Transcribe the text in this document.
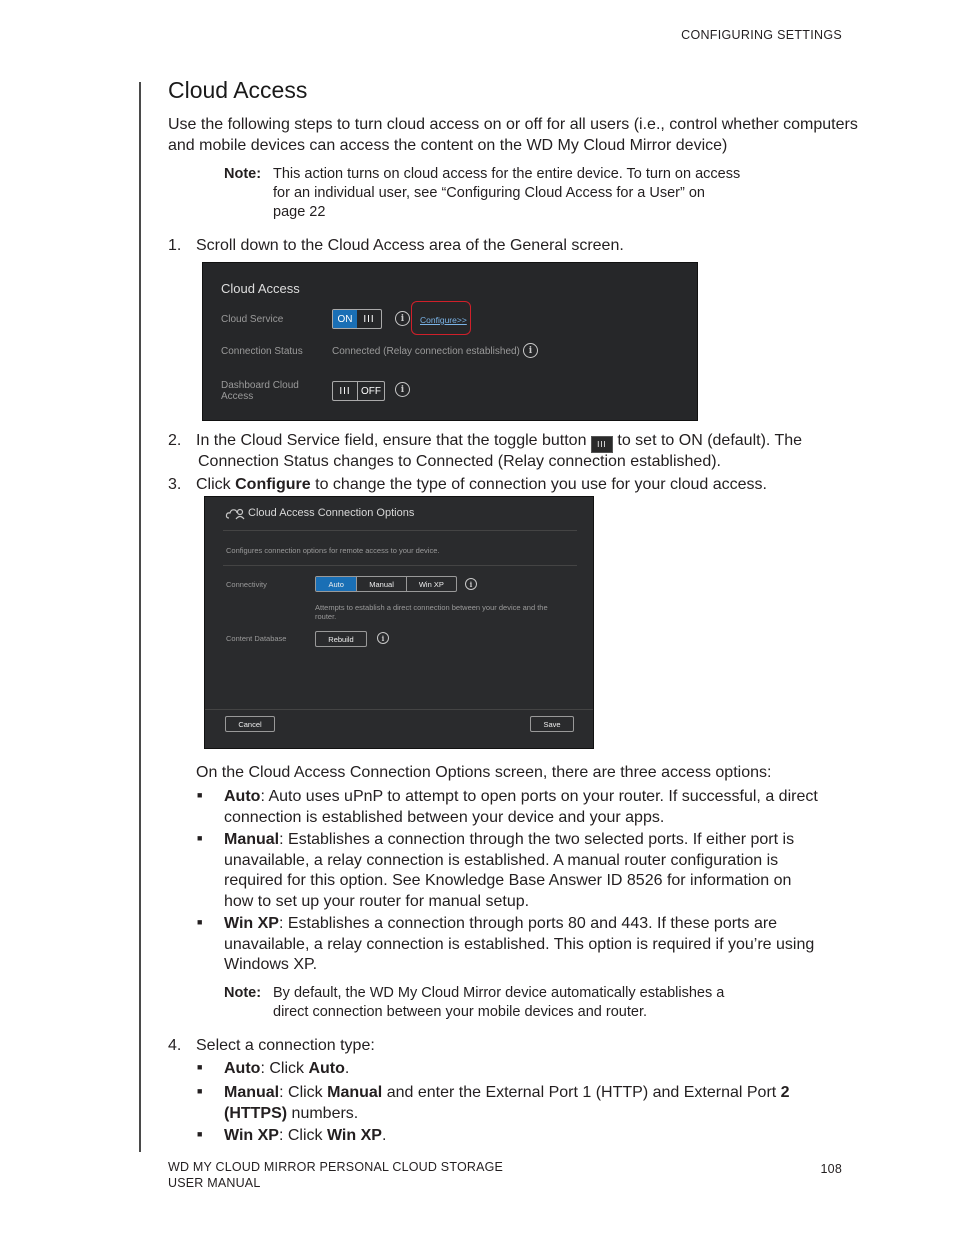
CONFIGURING SETTINGS
Cloud Access
Use the following steps to turn cloud access on or off for all users (i.e., control whether computers and mobile devices can access the content on the WD My Cloud Mirror device)
Note: This action turns on cloud access for the entire device. To turn on access
for an individual user, see “Configuring Cloud Access for a User” on
page 22
1. Scroll down to the Cloud Access area of the General screen.
Cloud Access
Cloud Service	ON	III	i	Configure>>
Connection Status	Connected (Relay connection established) i
Dashboard Cloud
Access	III	OFF	i
2. In the Cloud Service field, ensure that the toggle button III to set to ON (default). The
Connection Status changes to Connected (Relay connection established).
3. Click Configure to change the type of connection you use for your cloud access.
Cloud Access Connection Options
Configures connection options for remote access to your device.
Connectivity	Auto	Manual	Win XP	i
Attempts to establish a direct connection between your device and the
router.
Content Database	Rebuild	i
Cancel	Save
On the Cloud Access Connection Options screen, there are three access options:
■ Auto: Auto uses uPnP to attempt to open ports on your router. If successful, a direct
connection is established between your device and your apps.
■ Manual: Establishes a connection through the two selected ports. If either port is
unavailable, a relay connection is established. A manual router configuration is
required for this option. See Knowledge Base Answer ID 8526 for information on
how to set up your router for manual setup.
■ Win XP: Establishes a connection through ports 80 and 443. If these ports are
unavailable, a relay connection is established. This option is required if you’re using
Windows XP.
Note: By default, the WD My Cloud Mirror device automatically establishes a
direct connection between your mobile devices and router.
4. Select a connection type:
■ Auto: Click Auto.
■ Manual: Click Manual and enter the External Port 1 (HTTP) and External Port 2
(HTTPS) numbers.
■ Win XP: Click Win XP.
WD MY CLOUD MIRROR PERSONAL CLOUD STORAGE
USER MANUAL
108
